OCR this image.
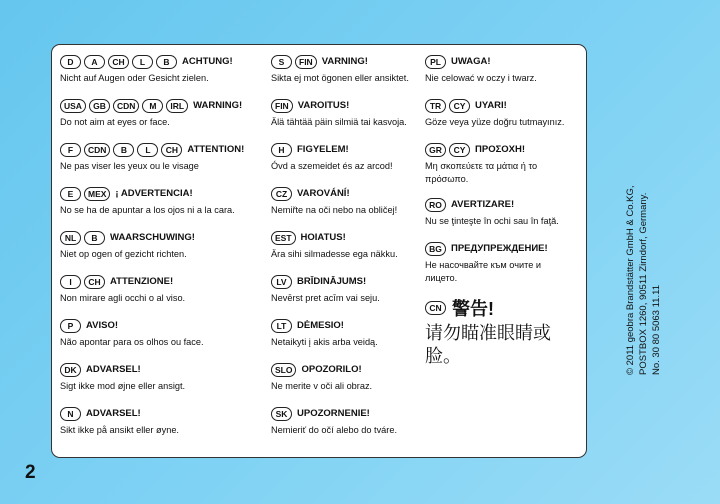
D	A	CH	L	B	ACHTUNG!
Nicht auf Augen oder Gesicht zielen.
USA	GB	CDN	M	IRL WARNING!
Do not aim at eyes or face.
F	CDN	B	L	CH ATTENTION!
Ne pas viser les yeux ou le visage
E	MEX ¡ ADVERTENCIA!
No se ha de apuntar a los ojos ni a la cara.
NL	B	WAARSCHUWING!
Niet op ogen of gezicht richten.
I	CH ATTENZIONE!
Non mirare agli occhi o al viso.
P	AVISO!
Não apontar para os olhos ou face.
DK ADVARSEL!
Sigt ikke mod øjne eller ansigt.
N	ADVARSEL!
Sikt ikke på ansikt eller øyne.
S	FIN VARNING!
Sikta ej mot ögonen eller ansiktet.
FIN VAROITUS!
Älä tähtää päin silmiä tai kasvoja.
H	FIGYELEM!
Óvd a szemeidet és az arcod!
CZ	VAROVÁNÍ!
Nemiřte na oči nebo na obličej!
EST HOIATUS!
Ära sihi silmadesse ega näkku.
LV	BRĪDINĀJUMS!
Nevērst pret acīm vai seju.
LT	DĖMESIO!
Netaikyti į akis arba veidą.
SLO OPOZORILO!
Ne merite v oči ali obraz.
SK	UPOZORNENIE!
Nemieriť do očí alebo do tváre.
PL	UWAGA!
Nie celować w oczy i twarz.
TR	CY	UYARI!
Göze veya yüze doğru tutmayınız.
GR	CY	ΠΡΟΣΟΧΗ!
Μη σκοπεύετε τα μάτια ή το πρόσωπο.
RO AVERTIZARE!
Nu se ţinteşte în ochi sau în faţă.
BG ПРЕДУПРЕЖДЕНИЕ!
Не насочвайте към очите и лицето.
CN 警告!
请勿瞄准眼睛或脸。	© 2011 geobra Brandstätter GmbH & Co.KG, POSTBOX 1260, 90511 Zirndorf, Germany. No. 30 80 5063 11.11
2
